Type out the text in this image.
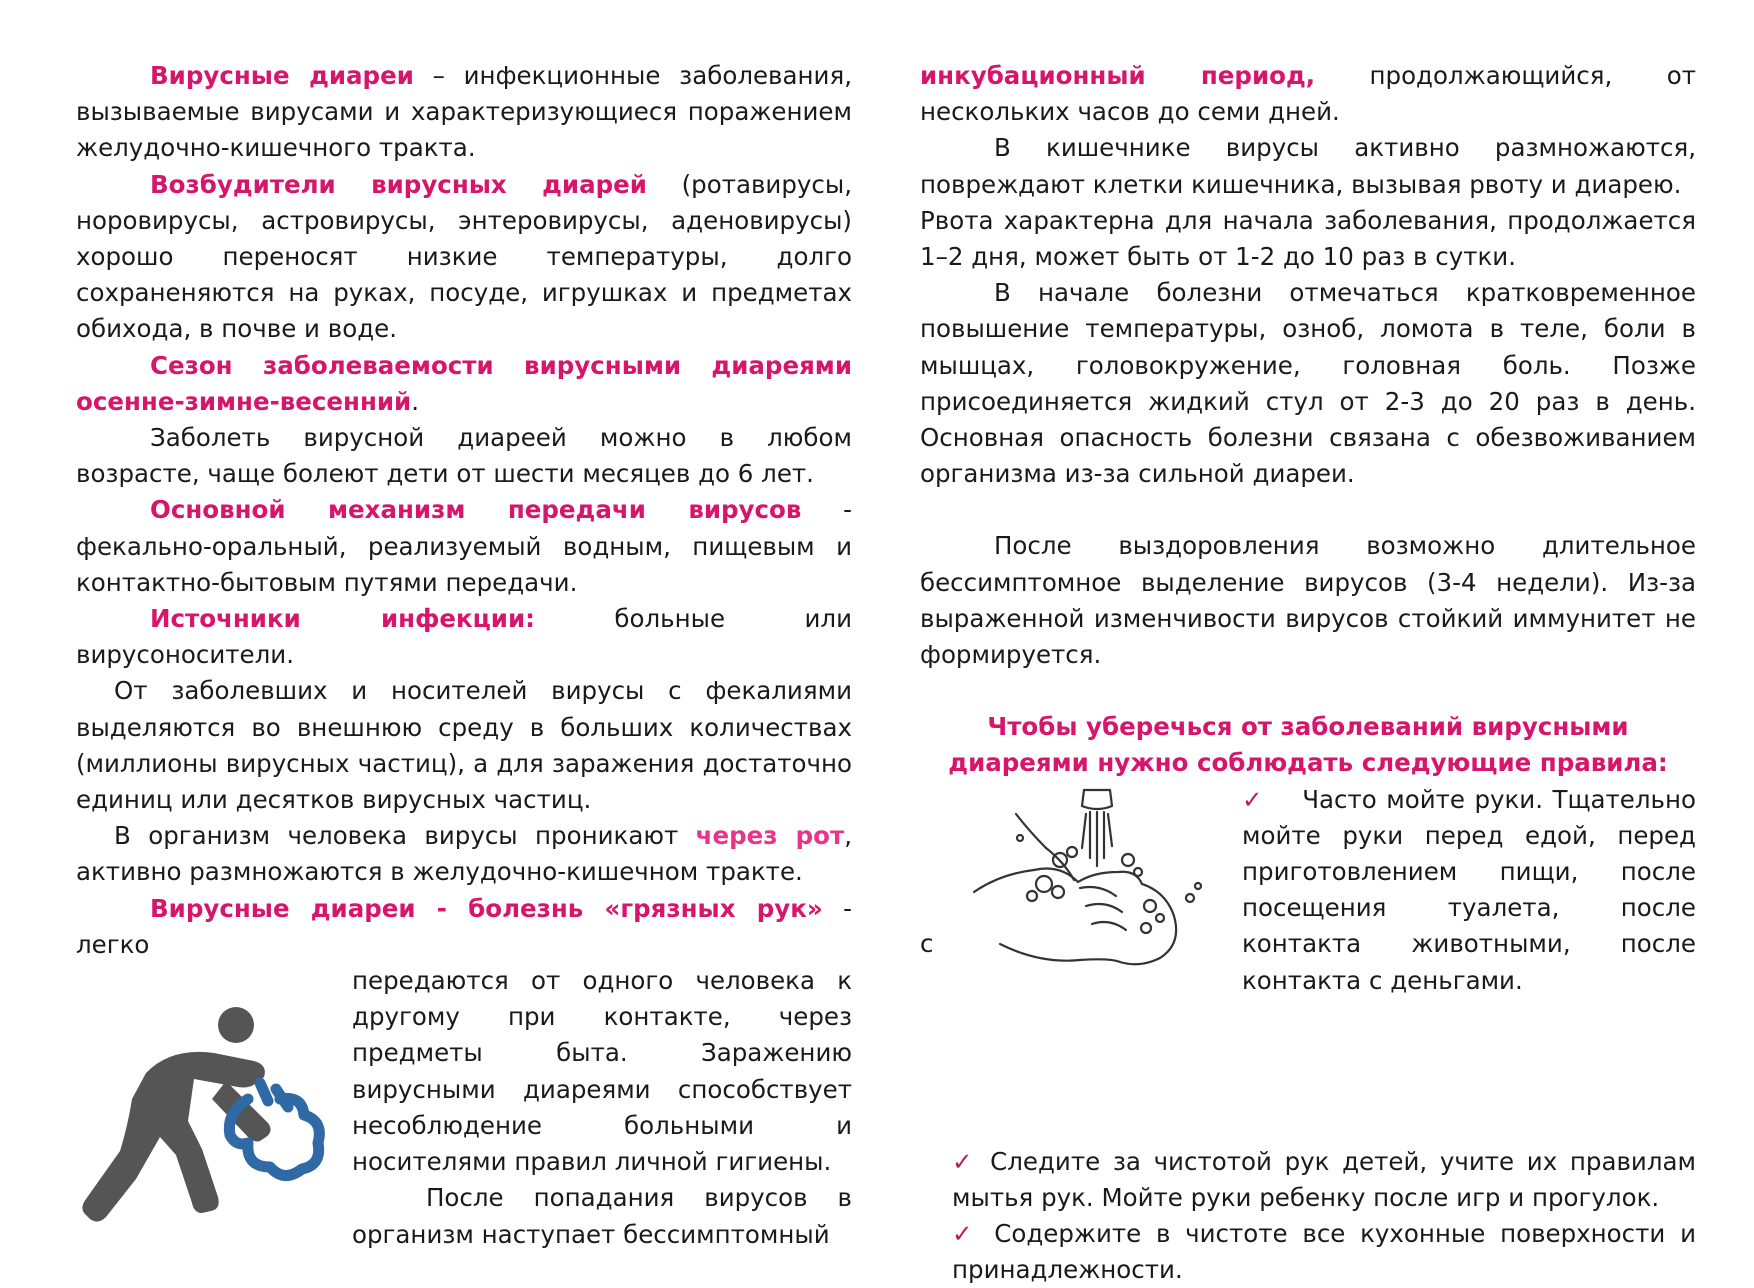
Вирусные диареи – инфекционные заболевания, вызываемые вирусами и характеризующиеся поражением желудочно-кишечного тракта.

Возбудители вирусных диарей (ротавирусы, норовирусы, астровирусы, энтеровирусы, аденовирусы) хорошо переносят низкие температуры, долго сохраненяются на руках, посуде, игрушках и предметах обихода, в почве и воде.

Сезон заболеваемости вирусными диареями осенне-зимне-весенний.

Заболеть вирусной диареей можно в любом возрасте, чаще болеют дети от шести месяцев до 6 лет.

Основной механизм передачи вирусов - фекально-оральный, реализуемый водным, пищевым и контактно-бытовым путями передачи.

Источники инфекции: больные или вирусоносители.

От заболевших и носителей вирусы с фекалиями выделяются во внешнюю среду в больших количествах (миллионы вирусных частиц), а для заражения достаточно единиц или десятков вирусных частиц.

В организм человека вирусы проникают через рот, активно размножаются в желудочно-кишечном тракте.

Вирусные диареи - болезнь «грязных рук» - легко

передаются от одного человека к другому при контакте, через предметы быта. Заражению вирусными диареями способствует несоблюдение больными и носителями правил личной гигиены.

После попадания вирусов в организм наступает бессимптомный

инкубационный период, продолжающийся, от нескольких часов до семи дней.

В кишечнике вирусы активно размножаются, повреждают клетки кишечника, вызывая рвоту и диарею.

Рвота характерна для начала заболевания, продолжается 1–2 дня, может быть от 1-2 до 10 раз в сутки.

В начале болезни отмечаться кратковременное повышение температуры, озноб, ломота в теле, боли в мышцах, головокружение, головная боль. Позже присоединяется жидкий стул от 2-3 до 20 раз в день. Основная опасность болезни связана с обезвоживанием организма из-за сильной диареи.

После выздоровления возможно длительное бессимптомное выделение вирусов (3-4 недели). Из-за выраженной изменчивости вирусов стойкий иммунитет не формируется.

Чтобы уберечься от заболеваний вирусными диареями нужно соблюдать следующие правила:

с

✓ Часто мойте руки. Тщательно мойте руки перед едой, перед приготовлением пищи, после посещения туалета, после контакта животными, после контакта с деньгами.

✓ Следите за чистотой рук детей, учите их правилам мытья рук. Мойте руки ребенку после игр и прогулок.

✓ Содержите в чистоте все кухонные поверхности и принадлежности.
